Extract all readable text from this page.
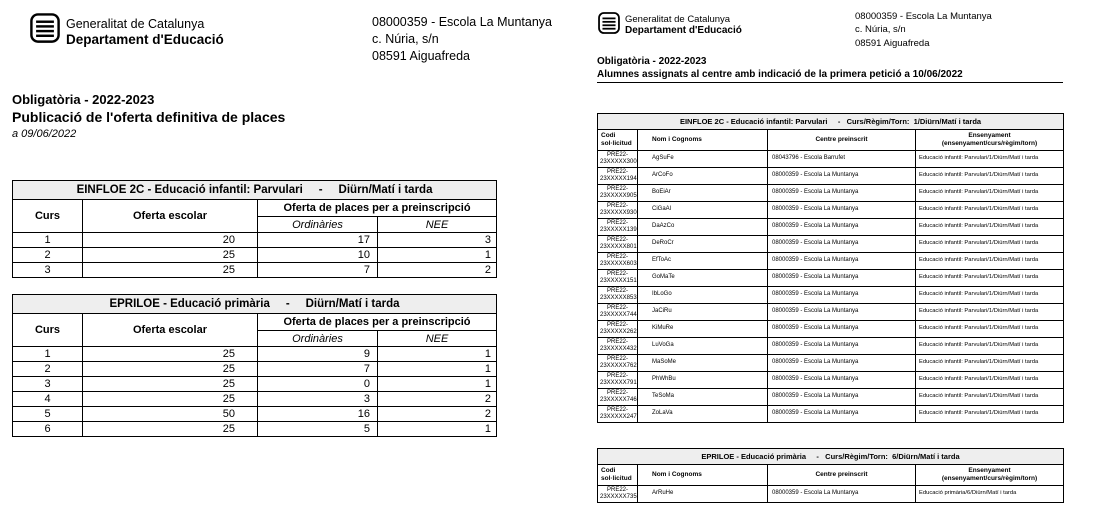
Generalitat de Catalunya
Departament d'Educació
08000359 - Escola La Muntanya
c. Núria, s/n
08591 Aiguafreda
Obligatòria - 2022-2023
Publicació de l'oferta definitiva de places
a 09/06/2022
EINFLOE 2C - Educació infantil: Parvulari     -     Diürn/Matí i tarda			
Curs	Oferta escolar	Oferta de places per a preinscripció	
		Ordinàries	NEE
1	20	17	3
2	25	10	1
3	25	7	2
EPRILOE - Educació primària     -     Diürn/Matí i tarda			
Curs	Oferta escolar	Oferta de places per a preinscripció	
		Ordinàries	NEE
1	25	9	1
2	25	7	1
3	25	0	1
4	25	3	2
5	50	16	2
6	25	5	1
Generalitat de Catalunya
Departament d'Educació
08000359 - Escola La Muntanya
c. Núria, s/n
08591 Aiguafreda
Obligatòria - 2022-2023
Alumnes assignats al centre amb indicació de la primera petició a 10/06/2022
EINFLOE 2C - Educació infantil: Parvulari     -   Curs/Règim/Torn:  1/Diürn/Matí i tarda			
Codi
sol·licitud	Nom i Cognoms	Centre preinscrit	Ensenyament
(ensenyament/curs/règim/torn)
PRE22-
23XXXXX300	AgSuFe	08043796 - Escola Barrufet	Educació infantil: Parvulari/1/Diürn/Matí i tarda
PRE22-
23XXXXX194	ArCoFo	08000359 - Escola La Muntanya	Educació infantil: Parvulari/1/Diürn/Matí i tarda
PRE22-
23XXXXX905	BoEiAr	08000359 - Escola La Muntanya	Educació infantil: Parvulari/1/Diürn/Matí i tarda
PRE22-
23XXXXX930	CiGaAl	08000359 - Escola La Muntanya	Educació infantil: Parvulari/1/Diürn/Matí i tarda
PRE22-
23XXXXX139	DaAzCo	08000359 - Escola La Muntanya	Educació infantil: Parvulari/1/Diürn/Matí i tarda
PRE22-
23XXXXX801	DeRoCr	08000359 - Escola La Muntanya	Educació infantil: Parvulari/1/Diürn/Matí i tarda
PRE22-
23XXXXX603	EfToAc	08000359 - Escola La Muntanya	Educació infantil: Parvulari/1/Diürn/Matí i tarda
PRE22-
23XXXXX151	GoMaTe	08000359 - Escola La Muntanya	Educació infantil: Parvulari/1/Diürn/Matí i tarda
PRE22-
23XXXXX853	IbLoGo	08000359 - Escola La Muntanya	Educació infantil: Parvulari/1/Diürn/Matí i tarda
PRE22-
23XXXXX744	JaCiRu	08000359 - Escola La Muntanya	Educació infantil: Parvulari/1/Diürn/Matí i tarda
PRE22-
23XXXXX262	KiMuRe	08000359 - Escola La Muntanya	Educació infantil: Parvulari/1/Diürn/Matí i tarda
PRE22-
23XXXXX432	LuVoGa	08000359 - Escola La Muntanya	Educació infantil: Parvulari/1/Diürn/Matí i tarda
PRE22-
23XXXXX762	MaSoMe	08000359 - Escola La Muntanya	Educació infantil: Parvulari/1/Diürn/Matí i tarda
PRE22-
23XXXXX791	PhWhBu	08000359 - Escola La Muntanya	Educació infantil: Parvulari/1/Diürn/Matí i tarda
PRE22-
23XXXXX746	TeSoMa	08000359 - Escola La Muntanya	Educació infantil: Parvulari/1/Diürn/Matí i tarda
PRE22-
23XXXXX247	ZoLaVa	08000359 - Escola La Muntanya	Educació infantil: Parvulari/1/Diürn/Matí i tarda
EPRILOE - Educació primària     -   Curs/Règim/Torn:  6/Diürn/Matí i tarda			
Codi
sol·licitud	Nom i Cognoms	Centre preinscrit	Ensenyament
(ensenyament/curs/règim/torn)
PRE22-
23XXXXX735	ArRuHe	08000359 - Escola La Muntanya	Educació primària/6/Diürn/Matí i tarda
